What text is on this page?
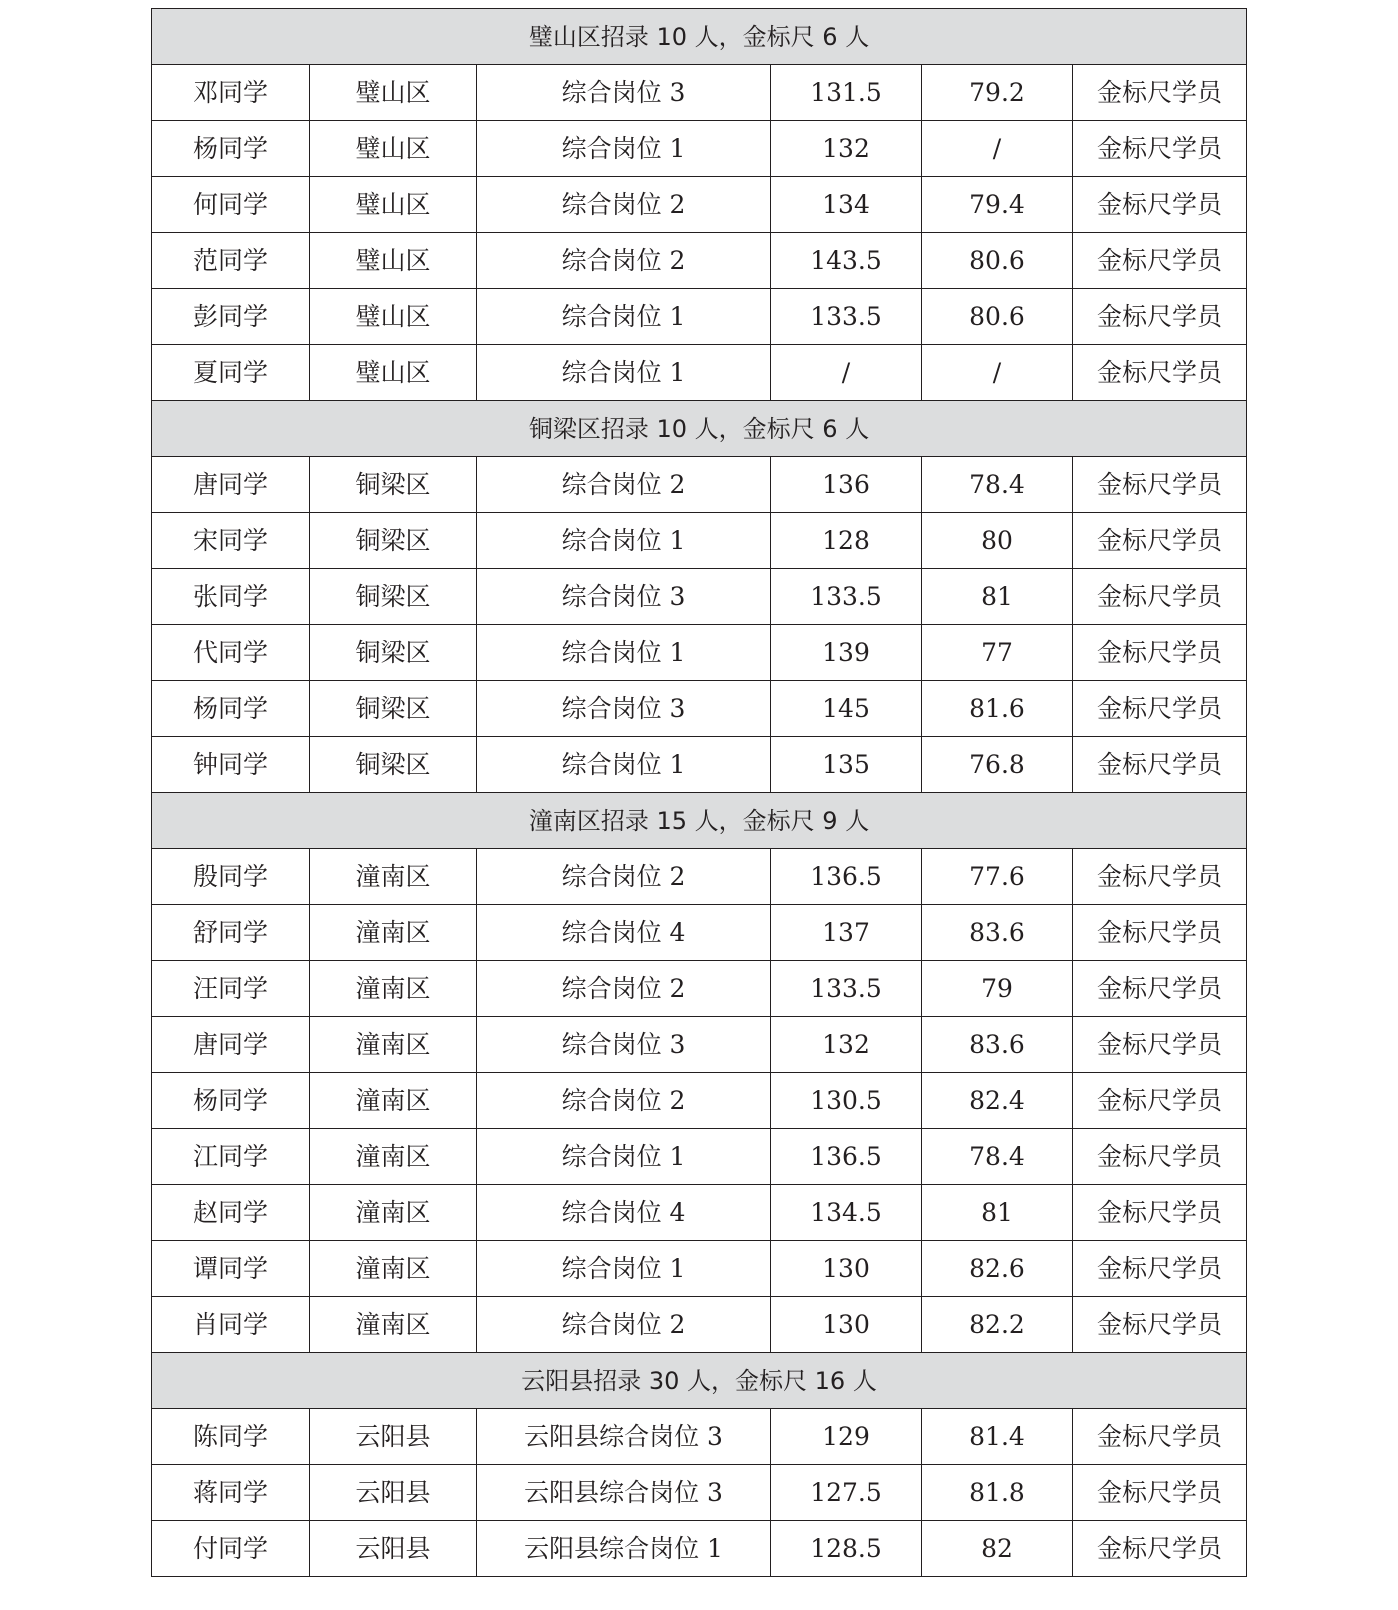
璧山区招录 10 人，金标尺 6 人					
邓同学	璧山区	综合岗位 3	131.5	79.2	金标尺学员
杨同学	璧山区	综合岗位 1	132	/	金标尺学员
何同学	璧山区	综合岗位 2	134	79.4	金标尺学员
范同学	璧山区	综合岗位 2	143.5	80.6	金标尺学员
彭同学	璧山区	综合岗位 1	133.5	80.6	金标尺学员
夏同学	璧山区	综合岗位 1	/	/	金标尺学员
铜梁区招录 10 人，金标尺 6 人					
唐同学	铜梁区	综合岗位 2	136	78.4	金标尺学员
宋同学	铜梁区	综合岗位 1	128	80	金标尺学员
张同学	铜梁区	综合岗位 3	133.5	81	金标尺学员
代同学	铜梁区	综合岗位 1	139	77	金标尺学员
杨同学	铜梁区	综合岗位 3	145	81.6	金标尺学员
钟同学	铜梁区	综合岗位 1	135	76.8	金标尺学员
潼南区招录 15 人，金标尺 9 人					
殷同学	潼南区	综合岗位 2	136.5	77.6	金标尺学员
舒同学	潼南区	综合岗位 4	137	83.6	金标尺学员
汪同学	潼南区	综合岗位 2	133.5	79	金标尺学员
唐同学	潼南区	综合岗位 3	132	83.6	金标尺学员
杨同学	潼南区	综合岗位 2	130.5	82.4	金标尺学员
江同学	潼南区	综合岗位 1	136.5	78.4	金标尺学员
赵同学	潼南区	综合岗位 4	134.5	81	金标尺学员
谭同学	潼南区	综合岗位 1	130	82.6	金标尺学员
肖同学	潼南区	综合岗位 2	130	82.2	金标尺学员
云阳县招录 30 人，金标尺 16 人					
陈同学	云阳县	云阳县综合岗位 3	129	81.4	金标尺学员
蒋同学	云阳县	云阳县综合岗位 3	127.5	81.8	金标尺学员
付同学	云阳县	云阳县综合岗位 1	128.5	82	金标尺学员
